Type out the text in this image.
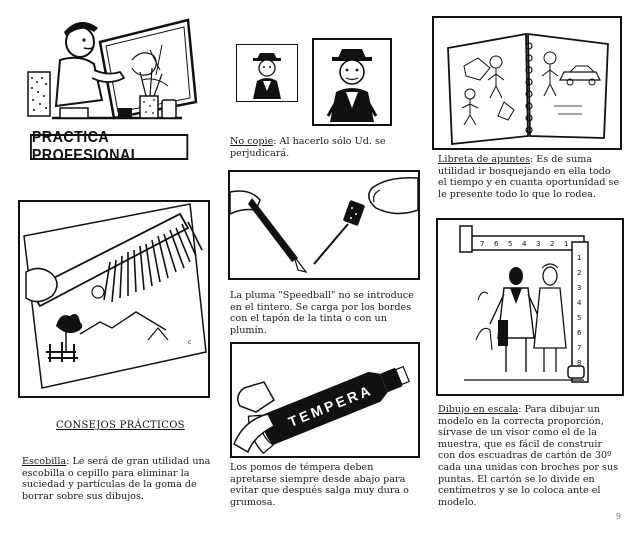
PRACTICA PROFESIONAL
No copie: Al hacerlo sólo Ud. se perjudicará.
Libreta de apuntes: Es de suma utilidad ir bosquejando en ella todo el tiempo y en cuanta oportunidad se le presente todo lo que lo rodea.
La pluma "Speedball" no se introduce en el tintero. Se carga por los bordes con el tapón de la tinta o con un plumín.
TEMPERA
Los pomos de témpera deben apretarse siempre desde abajo para evitar que después salga muy dura o grumosa.
c
CONSEJOS PRÁCTICOS
Escobilla: Le será de gran utilidad una escobilla o cepillo para eliminar la suciedad y partículas de la goma de borrar sobre sus dibujos.
7 6 5 4 3 2 1
1
2
3
4
5
6
7
8
Dibujo en escala: Para dibujar un modelo en la correcta proporción, sírvase de un visor como el de la muestra, que es fácil de construir con dos escuadras de cartón de 30º cada una unidas con broches por sus puntas. El cartón se lo divide en centímetros y se lo coloca ante el modelo.
9
